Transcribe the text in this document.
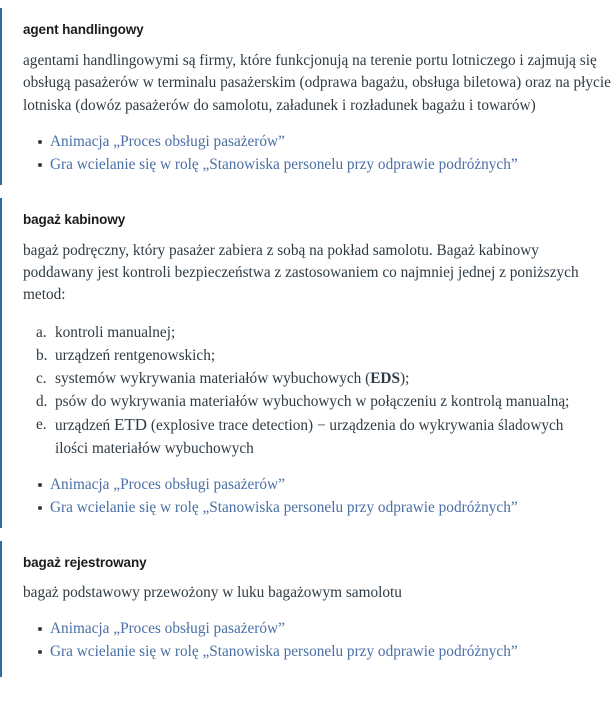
agent handlingowy

agentami handlingowymi są firmy, które funkcjonują na terenie portu lotniczego i zajmują się obsługą pasażerów w terminalu pasażerskim (odprawa bagażu, obsługa biletowa) oraz na płycie lotniska (dowóz pasażerów do samolotu, załadunek i rozładunek bagażu i towarów)

Animacja „Proces obsługi pasażerów”
Gra wcielanie się w rolę „Stanowiska personelu przy odprawie podróżnych”
bagaż kabinowy

bagaż podręczny, który pasażer zabiera z sobą na pokład samolotu. Bagaż kabinowy poddawany jest kontroli bezpieczeństwa z zastosowaniem co najmniej jednej z poniższych metod:

kontroli manualnej;
urządzeń rentgenowskich;
systemów wykrywania materiałów wybuchowych (EDS);
psów do wykrywania materiałów wybuchowych w połączeniu z kontrolą manualną;
urządzeń ETD (explosive trace detection) − urządzenia do wykrywania śladowych ilości materiałów wybuchowych
Animacja „Proces obsługi pasażerów”
Gra wcielanie się w rolę „Stanowiska personelu przy odprawie podróżnych”
bagaż rejestrowany

bagaż podstawowy przewożony w luku bagażowym samolotu

Animacja „Proces obsługi pasażerów”
Gra wcielanie się w rolę „Stanowiska personelu przy odprawie podróżnych”
